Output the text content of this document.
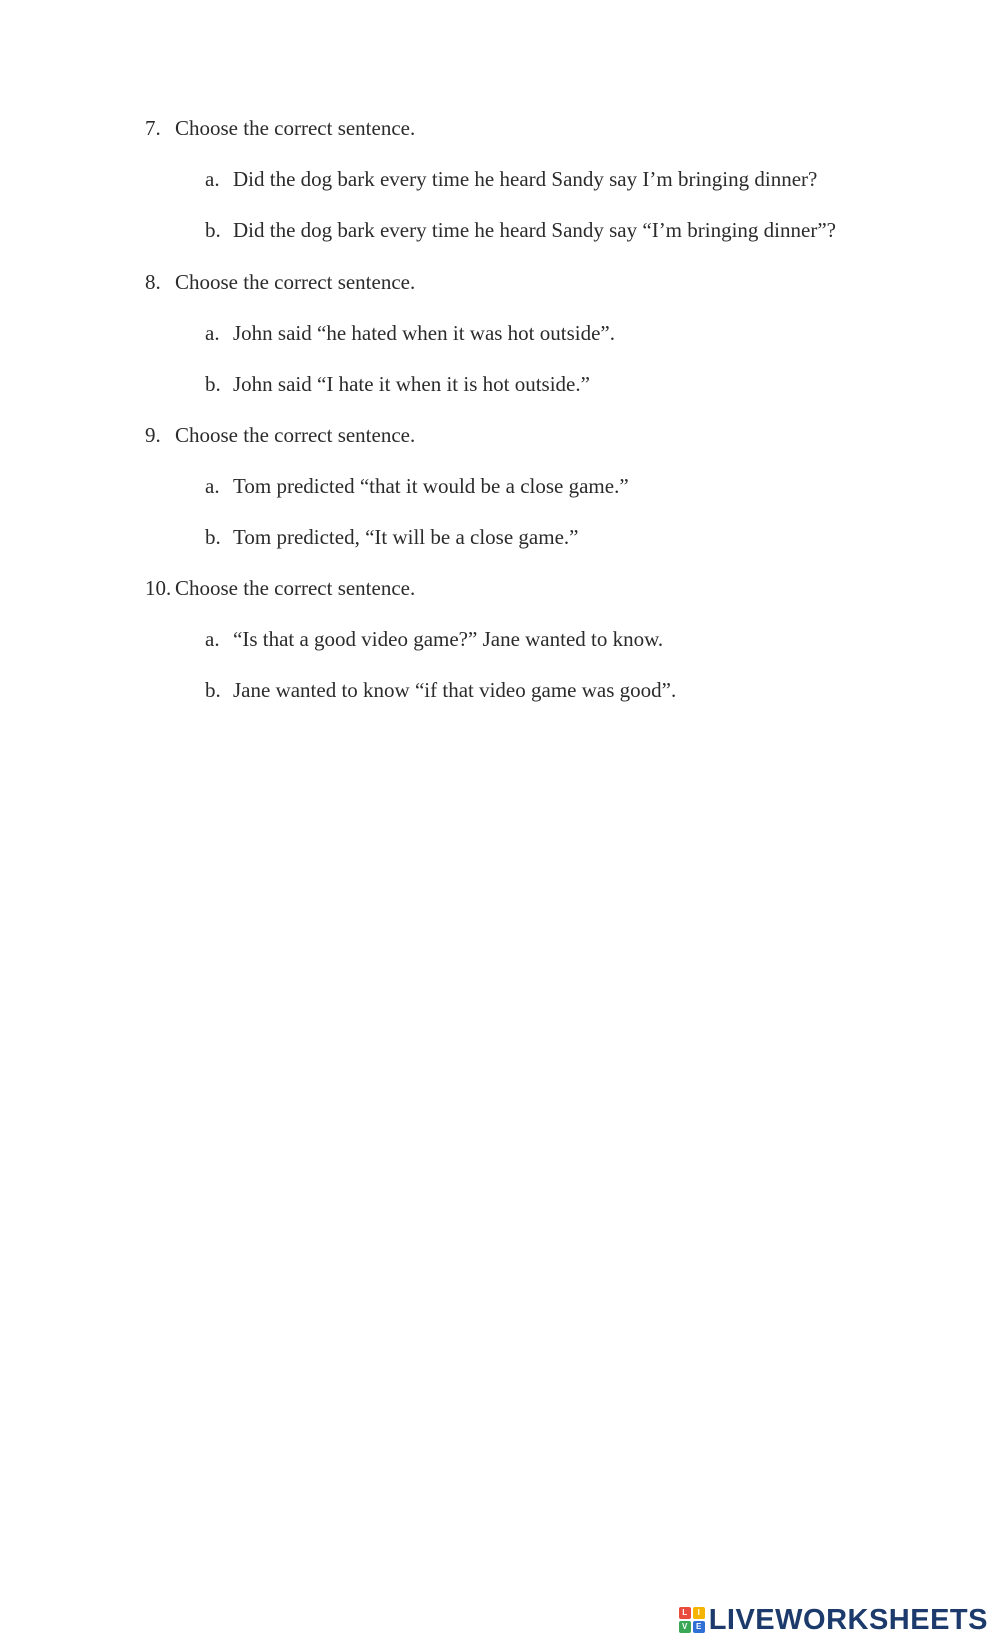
7. Choose the correct sentence.
a. Did the dog bark every time he heard Sandy say I’m bringing dinner?
b. Did the dog bark every time he heard Sandy say “I’m bringing dinner”?
8. Choose the correct sentence.
a. John said “he hated when it was hot outside”.
b. John said “I hate it when it is hot outside.”
9. Choose the correct sentence.
a. Tom predicted “that it would be a close game.”
b. Tom predicted, “It will be a close game.”
10. Choose the correct sentence.
a. “Is that a good video game?” Jane wanted to know.
b. Jane wanted to know “if that video game was good”.
L	I
V	E LIVEWORKSHEETS
